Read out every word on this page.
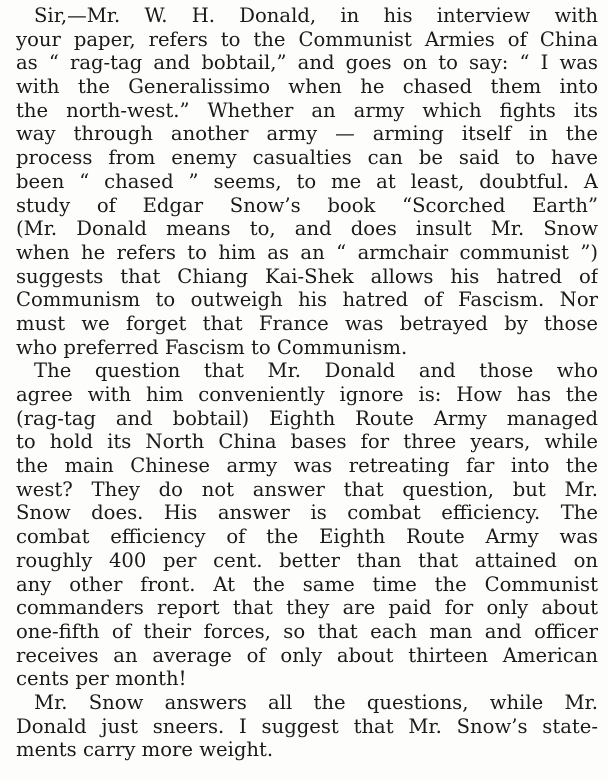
Sir,—Mr. W. H. Donald, in his interview with
your paper, refers to the Communist Armies of China
as “ rag-tag and bobtail,” and goes on to say: “ I was
with the Generalissimo when he chased them into
the north-west.” Whether an army which fights its
way through another army — arming itself in the
process from enemy casualties can be said to have
been “ chased ” seems, to me at least, doubtful. A
study of Edgar Snow’s book “Scorched Earth”
(Mr. Donald means to, and does insult Mr. Snow
when he refers to him as an “ armchair communist ”)
suggests that Chiang Kai-Shek allows his hatred of
Communism to outweigh his hatred of Fascism. Nor
must we forget that France was betrayed by those
who preferred Fascism to Communism.
The question that Mr. Donald and those who
agree with him conveniently ignore is: How has the
(rag-tag and bobtail) Eighth Route Army managed
to hold its North China bases for three years, while
the main Chinese army was retreating far into the
west? They do not answer that question, but Mr.
Snow does. His answer is combat efficiency. The
combat efficiency of the Eighth Route Army was
roughly 400 per cent. better than that attained on
any other front. At the same time the Communist
commanders report that they are paid for only about
one-fifth of their forces, so that each man and officer
receives an average of only about thirteen American
cents per month!
Mr. Snow answers all the questions, while Mr.
Donald just sneers. I suggest that Mr. Snow’s state-
ments carry more weight.
